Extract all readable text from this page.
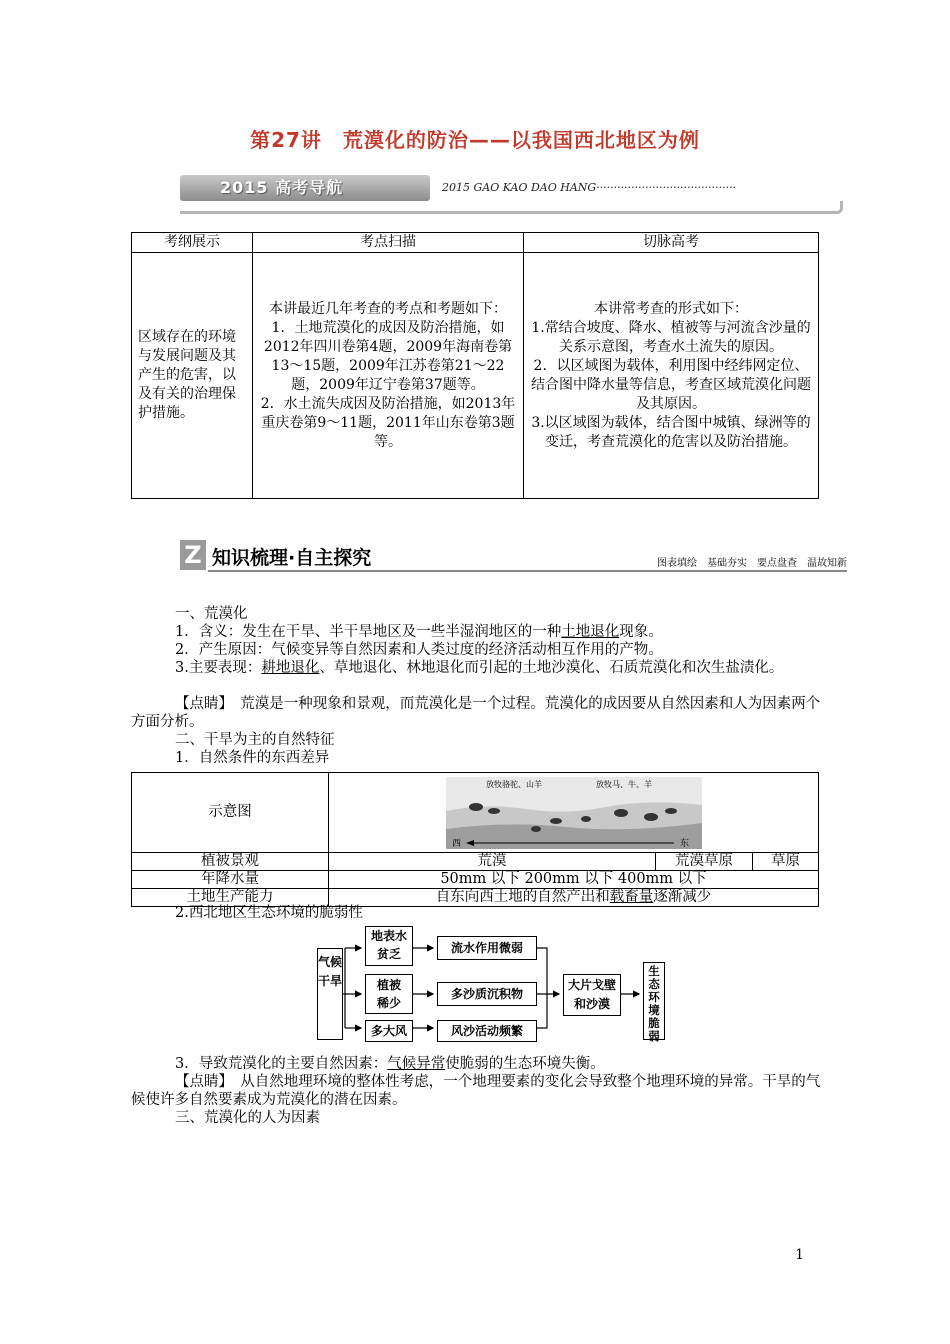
第27讲　荒漠化的防治——以我国西北地区为例
2015 高考导航	2015 GAO KAO DAO HANG········································
考纲展示	考点扫描	切脉高考
区域存在的环境与发展问题及其产生的危害，以及有关的治理保护措施。	本讲最近几年考查的考点和考题如下：
1．土地荒漠化的成因及防治措施，如2012年四川卷第4题，2009年海南卷第13～15题，2009年江苏卷第21～22题，2009年辽宁卷第37题等。
2．水土流失成因及防治措施，如2013年重庆卷第9～11题，2011年山东卷第3题等。	本讲常考查的形式如下：
1.常结合坡度、降水、植被等与河流含沙量的关系示意图，考查水土流失的原因。
2．以区域图为载体，利用图中经纬网定位、结合图中降水量等信息，考查区域荒漠化问题及其原因。
3.以区域图为载体，结合图中城镇、绿洲等的变迁，考查荒漠化的危害以及防治措施。
Z 知识梳理·自主探究	图表填绘　基础夯实　要点盘查　温故知新
一、荒漠化
1．含义：发生在干旱、半干旱地区及一些半湿润地区的一种土地退化现象。
2．产生原因：气候变异等自然因素和人类过度的经济活动相互作用的产物。
3.主要表现：耕地退化、草地退化、林地退化而引起的土地沙漠化、石质荒漠化和次生盐渍化。
【点睛】　荒漠是一种现象和景观，而荒漠化是一个过程。荒漠化的成因要从自然因素和人为因素两个方面分析。
二、干旱为主的自然特征
1．自然条件的东西差异
示意图	放牧骆驼、山羊 放牧马、牛、羊
西 东		

植被景观	荒漠	荒漠草原	草原
年降水量	50mm 以下 200mm 以下 400mm 以下		
土地生产能力	自东向西土地的自然产出和载畜量逐渐减少		
2.西北地区生态环境的脆弱性
气候干旱
地表水贫乏
植被稀少
多大风
流水作用微弱
多沙质沉积物
风沙活动频繁
大片戈壁和沙漠
生态环境脆弱
3．导致荒漠化的主要自然因素：气候异常使脆弱的生态环境失衡。
【点睛】　从自然地理环境的整体性考虑，一个地理要素的变化会导致整个地理环境的异常。干旱的气候使许多自然要素成为荒漠化的潜在因素。
三、荒漠化的人为因素
1
